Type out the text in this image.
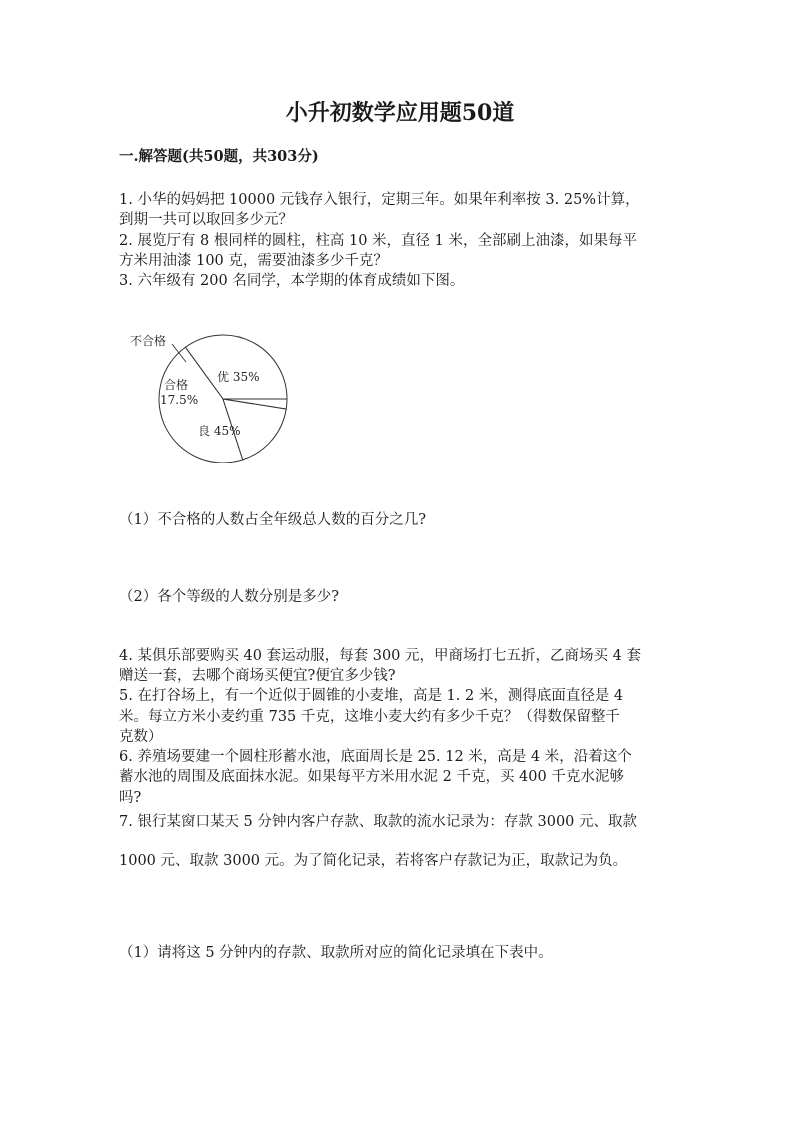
小升初数学应用题50道

一.解答题(共50题，共303分)

1. 小华的妈妈把 10000 元钱存入银行，定期三年。如果年利率按 3. 25%计算，

到期一共可以取回多少元？

2. 展览厅有 8 根同样的圆柱，柱高 10 米，直径 1 米，全部刷上油漆，如果每平

方米用油漆 100 克，需要油漆多少千克？

3. 六年级有 200 名同学，本学期的体育成绩如下图。

不合格
优 35%
合格
17.5%
良 45%

（1）不合格的人数占全年级总人数的百分之几?

（2）各个等级的人数分别是多少?

4. 某俱乐部要购买 40 套运动服，每套 300 元，甲商场打七五折，乙商场买 4 套

赠送一套，去哪个商场买便宜?便宜多少钱?

5. 在打谷场上，有一个近似于圆锥的小麦堆，高是 1. 2 米，测得底面直径是 4

米。每立方米小麦约重 735 千克，这堆小麦大约有多少千克？（得数保留整千

克数）

6. 养殖场要建一个圆柱形蓄水池，底面周长是 25. 12 米，高是 4 米，沿着这个

蓄水池的周围及底面抹水泥。如果每平方米用水泥 2 千克，买 400 千克水泥够

吗?

7. 银行某窗口某天 5 分钟内客户存款、取款的流水记录为：存款 3000 元、取款

1000 元、取款 3000 元。为了简化记录，若将客户存款记为正，取款记为负。

（1）请将这 5 分钟内的存款、取款所对应的简化记录填在下表中。
